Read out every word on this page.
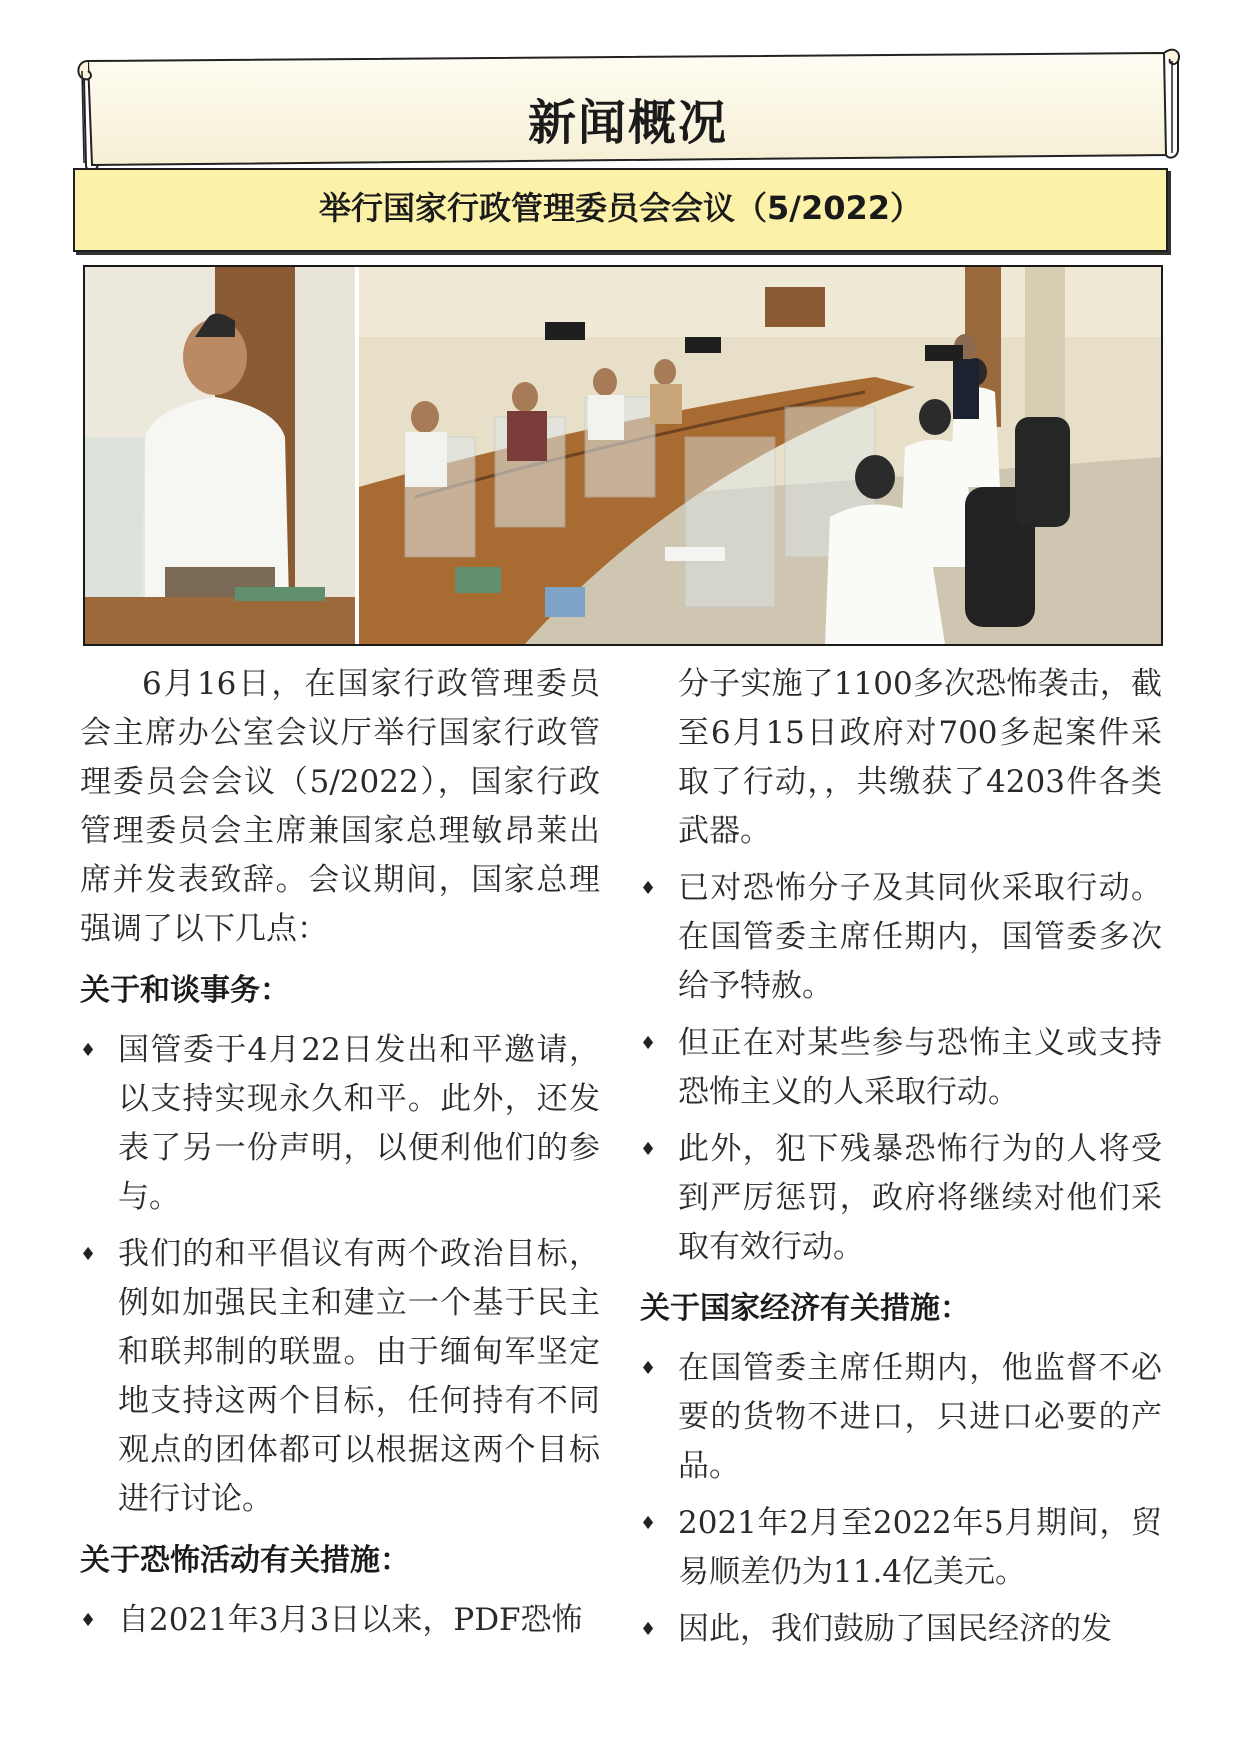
新闻概况
举行国家行政管理委员会会议（5/2022）

6月16日，在国家行政管理委员会主席办公室会议厅举行国家行政管理委员会会议（5/2022），国家行政管理委员会主席兼国家总理敏昂莱出席并发表致辞。会议期间，国家总理强调了以下几点：

关于和谈事务：
♦ 国管委于4月22日发出和平邀请，以支持实现永久和平。此外，还发表了另一份声明，以便利他们的参与。
♦ 我们的和平倡议有两个政治目标，例如加强民主和建立一个基于民主和联邦制的联盟。由于缅甸军坚定地支持这两个目标，任何持有不同观点的团体都可以根据这两个目标进行讨论。
关于恐怖活动有关措施：
♦ 自2021年3月3日以来，PDF恐怖
分子实施了1100多次恐怖袭击，截至6月15日政府对700多起案件采取了行动，，共缴获了4203件各类武器。
♦ 已对恐怖分子及其同伙采取行动。在国管委主席任期内，国管委多次给予特赦。
♦ 但正在对某些参与恐怖主义或支持恐怖主义的人采取行动。
♦ 此外，犯下残暴恐怖行为的人将受到严厉惩罚，政府将继续对他们采取有效行动。
关于国家经济有关措施：
♦ 在国管委主席任期内，他监督不必要的货物不进口，只进口必要的产品。
♦ 2021年2月至2022年5月期间，贸易顺差仍为11.4亿美元。
♦ 因此，我们鼓励了国民经济的发
